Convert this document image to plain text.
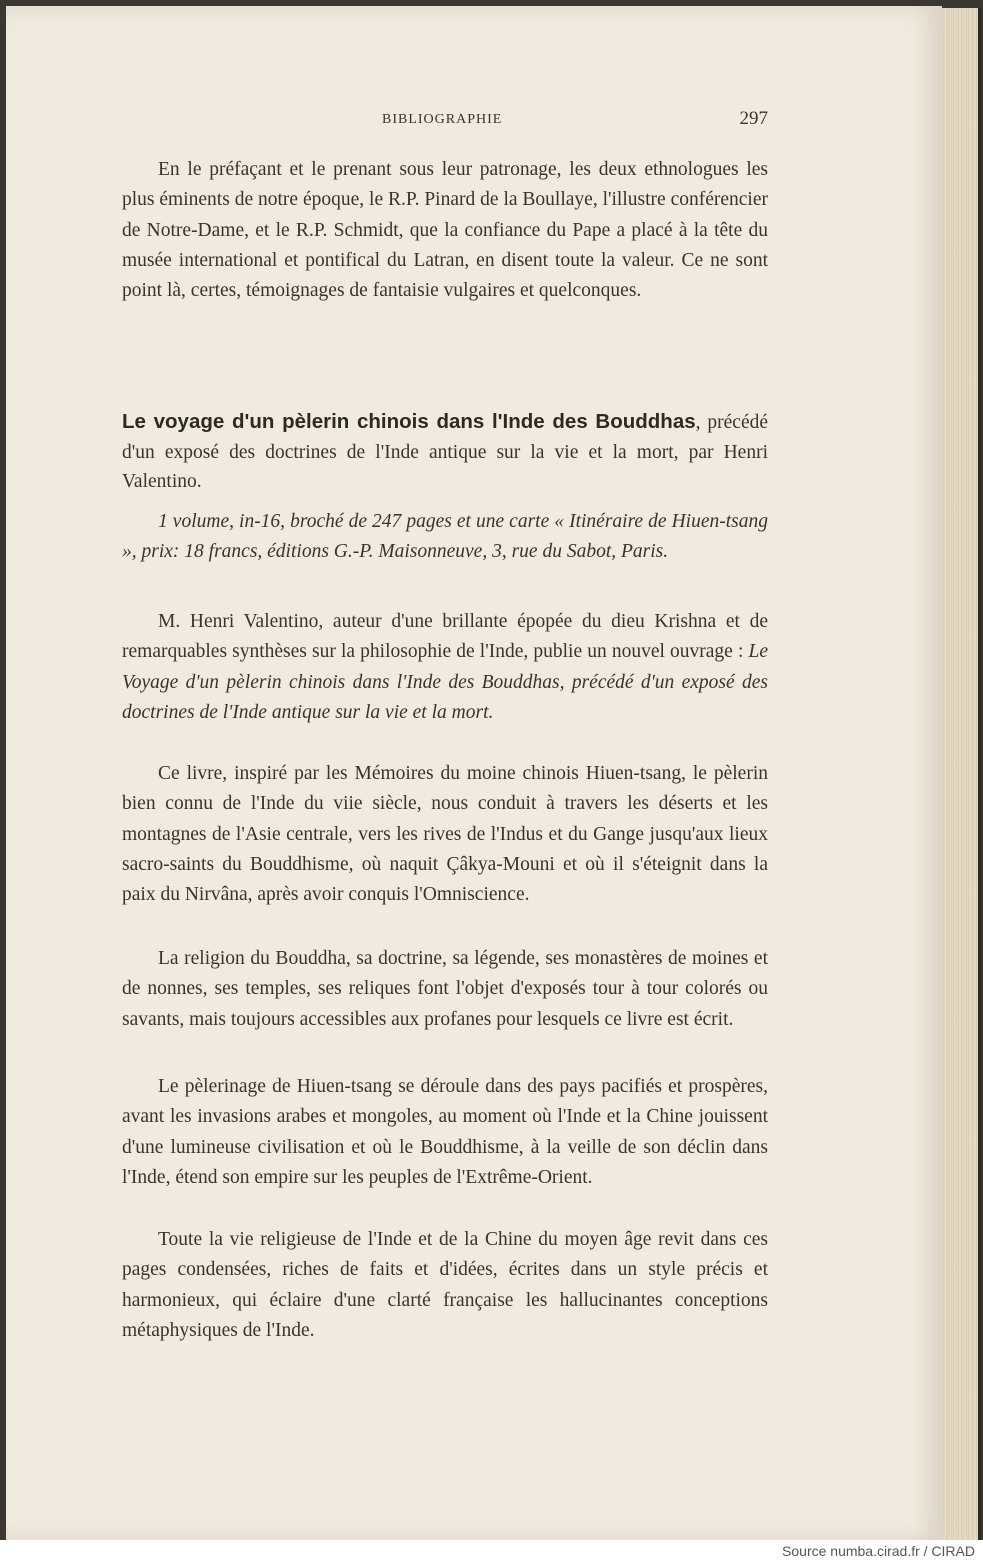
BIBLIOGRAPHIE	297

En le préfaçant et le prenant sous leur patronage, les deux ethnologues les plus éminents de notre époque, le R.P. Pinard de la Boullaye, l'illustre conférencier de Notre-Dame, et le R.P. Schmidt, que la confiance du Pape a placé à la tête du musée international et pontifical du Latran, en disent toute la valeur. Ce ne sont point là, certes, témoignages de fantaisie vulgaires et quelconques.

Le voyage d'un pèlerin chinois dans l'Inde des Bouddhas, précédé d'un exposé des doctrines de l'Inde antique sur la vie et la mort, par Henri Valentino.

1 volume, in-16, broché de 247 pages et une carte « Itinéraire de Hiuen-tsang », prix: 18 francs, éditions G.-P. Maisonneuve, 3, rue du Sabot, Paris.

M. Henri Valentino, auteur d'une brillante épopée du dieu Krishna et de remarquables synthèses sur la philosophie de l'Inde, publie un nouvel ouvrage : Le Voyage d'un pèlerin chinois dans l'Inde des Bouddhas, précédé d'un exposé des doctrines de l'Inde antique sur la vie et la mort.

Ce livre, inspiré par les Mémoires du moine chinois Hiuen-tsang, le pèlerin bien connu de l'Inde du viie siècle, nous conduit à travers les déserts et les montagnes de l'Asie centrale, vers les rives de l'Indus et du Gange jusqu'aux lieux sacro-saints du Bouddhisme, où naquit Çâkya-Mouni et où il s'éteignit dans la paix du Nirvâna, après avoir conquis l'Omniscience.

La religion du Bouddha, sa doctrine, sa légende, ses monastères de moines et de nonnes, ses temples, ses reliques font l'objet d'exposés tour à tour colorés ou savants, mais toujours accessibles aux profanes pour lesquels ce livre est écrit.

Le pèlerinage de Hiuen-tsang se déroule dans des pays pacifiés et prospères, avant les invasions arabes et mongoles, au moment où l'Inde et la Chine jouissent d'une lumineuse civilisation et où le Bouddhisme, à la veille de son déclin dans l'Inde, étend son empire sur les peuples de l'Extrême-Orient.

Toute la vie religieuse de l'Inde et de la Chine du moyen âge revit dans ces pages condensées, riches de faits et d'idées, écrites dans un style précis et harmonieux, qui éclaire d'une clarté française les hallucinantes conceptions métaphysiques de l'Inde.

Source numba.cirad.fr / CIRAD
